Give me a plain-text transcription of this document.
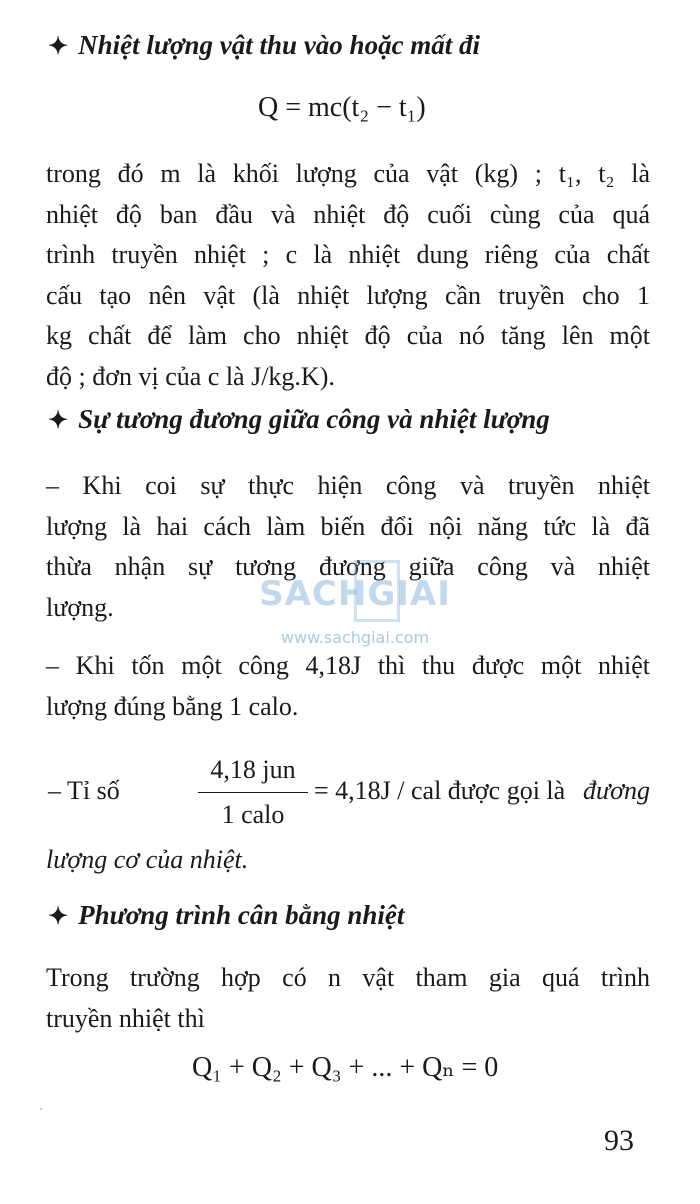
✦ Nhiệt lượng vật thu vào hoặc mất đi
Q = mc(t₂ − t₁)
trong đó m là khối lượng của vật (kg) ; t₁, t₂ là
nhiệt độ ban đầu và nhiệt độ cuối cùng của quá
trình truyền nhiệt ; c là nhiệt dung riêng của chất
cấu tạo nên vật (là nhiệt lượng cần truyền cho 1
kg chất để làm cho nhiệt độ của nó tăng lên một
độ ; đơn vị của c là J/kg.K).
✦ Sự tương đương giữa công và nhiệt lượng
– Khi coi sự thực hiện công và truyền nhiệt
lượng là hai cách làm biến đổi nội năng tức là đã
thừa nhận sự tương đương giữa công và nhiệt
lượng.
– Khi tốn một công 4,18J thì thu được một nhiệt
lượng đúng bằng 1 calo.
– Tỉ số
4,18 jun
1 calo
= 4,18J / cal được gọi là đương
lượng cơ của nhiệt.
✦ Phương trình cân bằng nhiệt
Trong trường hợp có n vật tham gia quá trình
truyền nhiệt thì
Q₁ + Q₂ + Q₃ + ... + Qₙ = 0
SACHGIAI
www.sachgiai.com
93
